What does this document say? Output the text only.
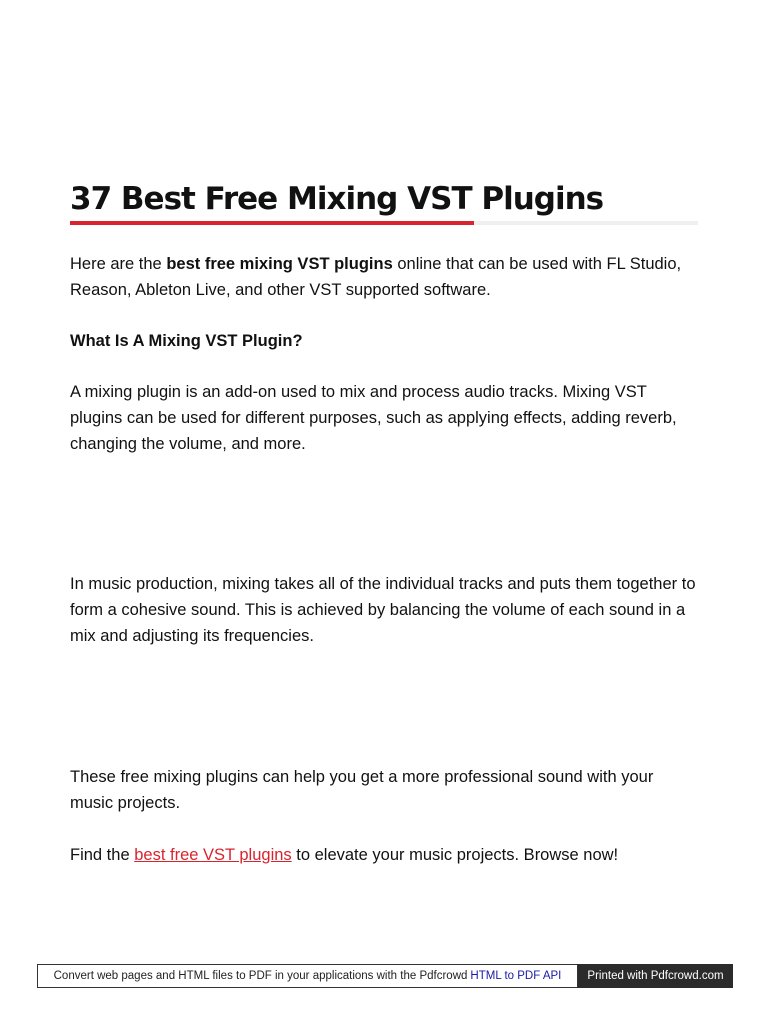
37 Best Free Mixing VST Plugins

Here are the best free mixing VST plugins online that can be used with FL Studio, Reason, Ableton Live, and other VST supported software.

What Is A Mixing VST Plugin?

A mixing plugin is an add-on used to mix and process audio tracks. Mixing VST plugins can be used for different purposes, such as applying effects, adding reverb, changing the volume, and more.

In music production, mixing takes all of the individual tracks and puts them together to form a cohesive sound. This is achieved by balancing the volume of each sound in a mix and adjusting its frequencies.

These free mixing plugins can help you get a more professional sound with your music projects.

Find the best free VST plugins to elevate your music projects. Browse now!

Convert web pages and HTML files to PDF in your applications with the Pdfcrowd HTML to PDF API	Printed with Pdfcrowd.com
